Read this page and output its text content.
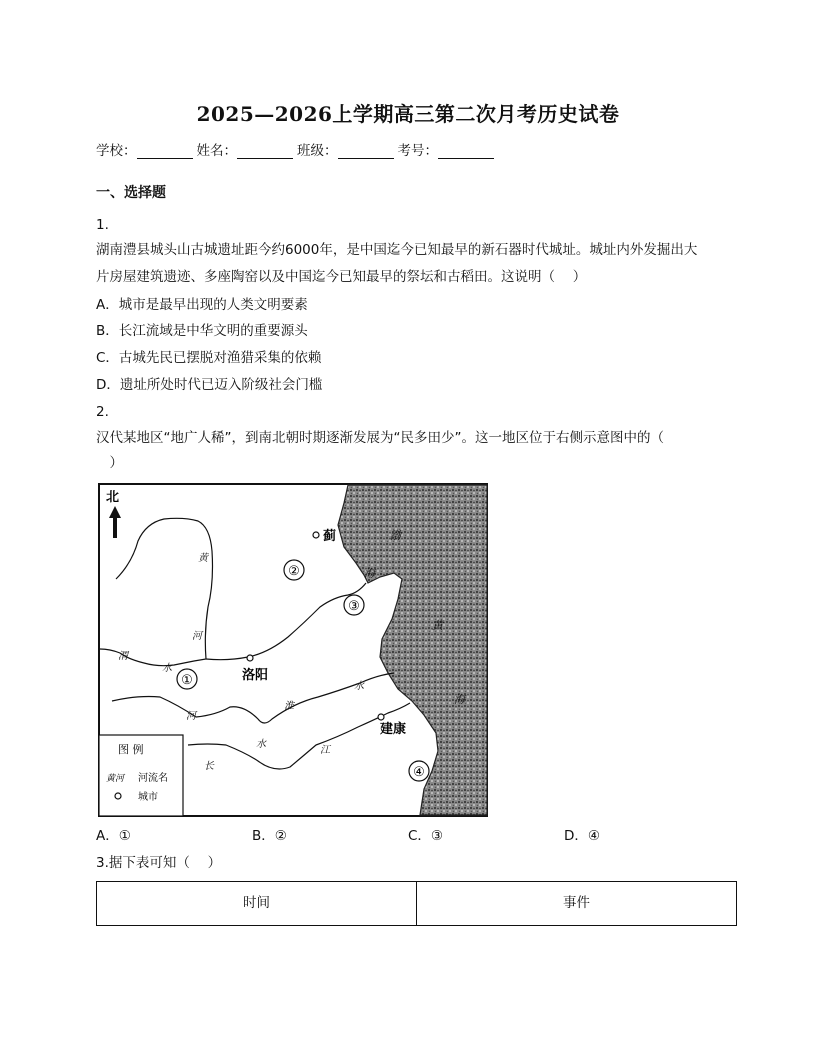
2025—2026上学期高三第二次月考历史试卷
学校：	姓名：	班级：	考号：
一、选择题
1.
湖南澧县城头山古城遗址距今约6000年，是中国迄今已知最早的新石器时代城址。城址内外发掘出大
片房屋建筑遗迹、多座陶窑以及中国迄今已知最早的祭坛和古稻田。这说明（　 ）
A．城市是最早出现的人类文明要素
B．长江流域是中华文明的重要源头
C．古城先民已摆脱对渔猎采集的依赖
D．遗址所处时代已迈入阶级社会门槛
2.
汉代某地区“地广人稀”，到南北朝时期逐渐发展为“民多田少”。这一地区位于右侧示意图中的（
　）
①
②
③
④
蓟
洛阳
建康
北
黄
河
渭
水
淮
河
水
长
水
江
渤
海
黄
海
图 例
黄河 河流名
城市
A．①	B．②	C．③	D．④
3.据下表可知（　 ）
时间	事件
